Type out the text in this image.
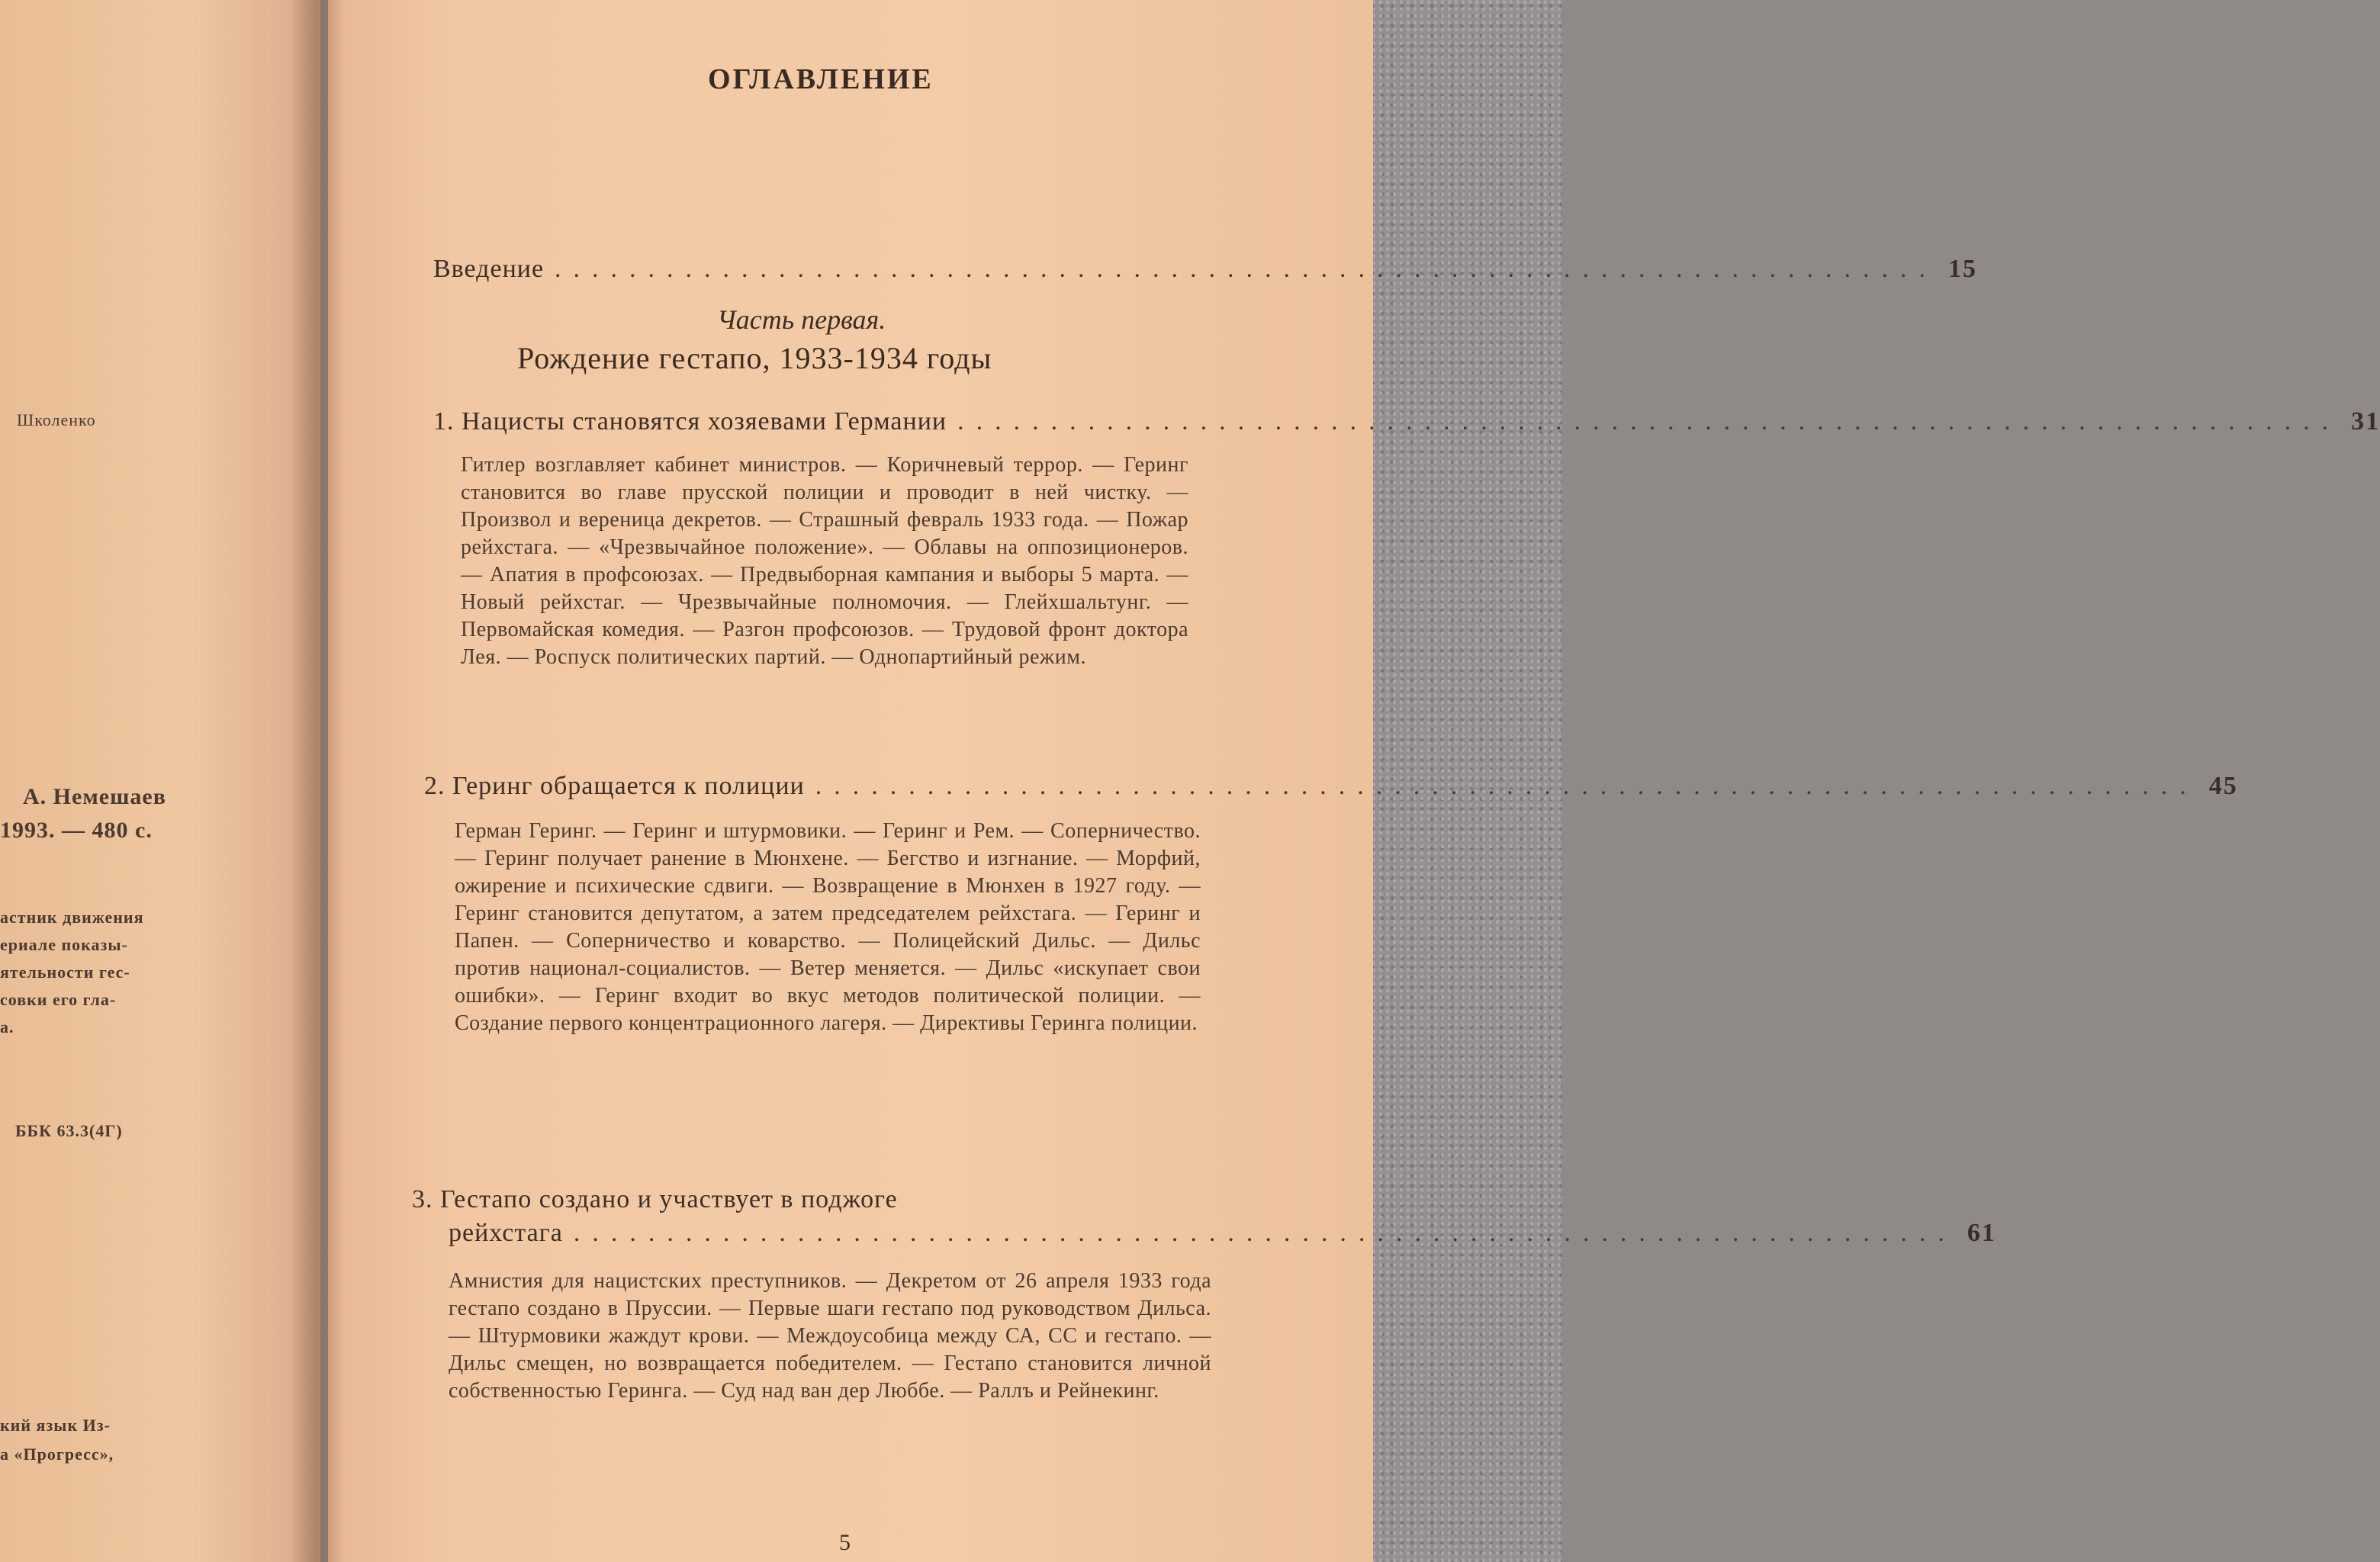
Школенко
А. Немешаев
1993. — 480 с.
астник движения
ериале показы-
ятельности гес-
совки его гла-
а.
ББК 63.3(4Г)
кий язык Из-
а «Прогресс»,
ОГЛАВЛЕНИЕ
Введение .......................................................................... 15
Часть первая.
Рождение гестапо, 1933-1934 годы
1. Нацисты становятся хозяевами Германии .......................................................................... 31
Гитлер возглавляет кабинет министров. — Коричневый террор. — Геринг становится во главе прусской полиции и проводит в ней чистку. — Произвол и вереница декретов. — Страшный февраль 1933 года. — Пожар рейхстага. — «Чрезвычайное положение». — Облавы на оппозиционеров. — Апатия в профсоюзах. — Предвыборная кампания и выборы 5 марта. — Новый рейхстаг. — Чрезвычайные полномочия. — Глейхшальтунг. — Первомайская комедия. — Разгон профсоюзов. — Трудовой фронт доктора Лея. — Роспуск политических партий. — Однопартийный режим.
2. Геринг обращается к полиции .......................................................................... 45
Герман Геринг. — Геринг и штурмовики. — Геринг и Рем. — Соперничество. — Геринг получает ранение в Мюнхене. — Бегство и изгнание. — Морфий, ожирение и психические сдвиги. — Возвращение в Мюнхен в 1927 году. — Геринг становится депутатом, а затем председателем рейхстага. — Геринг и Папен. — Соперничество и коварство. — Полицейский Дильс. — Дильс против национал-социалистов. — Ветер меняется. — Дильс «искупает свои ошибки». — Геринг входит во вкус методов политической полиции. — Создание первого концентрационного лагеря. — Директивы Геринга полиции.
3. Гестапо создано и участвует в поджоге
рейхстага .......................................................................... 61
Амнистия для нацистских преступников. — Декретом от 26 апреля 1933 года гестапо создано в Пруссии. — Первые шаги гестапо под руководством Дильса. — Штурмовики жаждут крови. — Междоусобица между СА, СС и гестапо. — Дильс смещен, но возвращается победителем. — Гестапо становится личной собственностью Геринга. — Суд над ван дер Люббе. — Раллъ и Рейнекинг.
5
